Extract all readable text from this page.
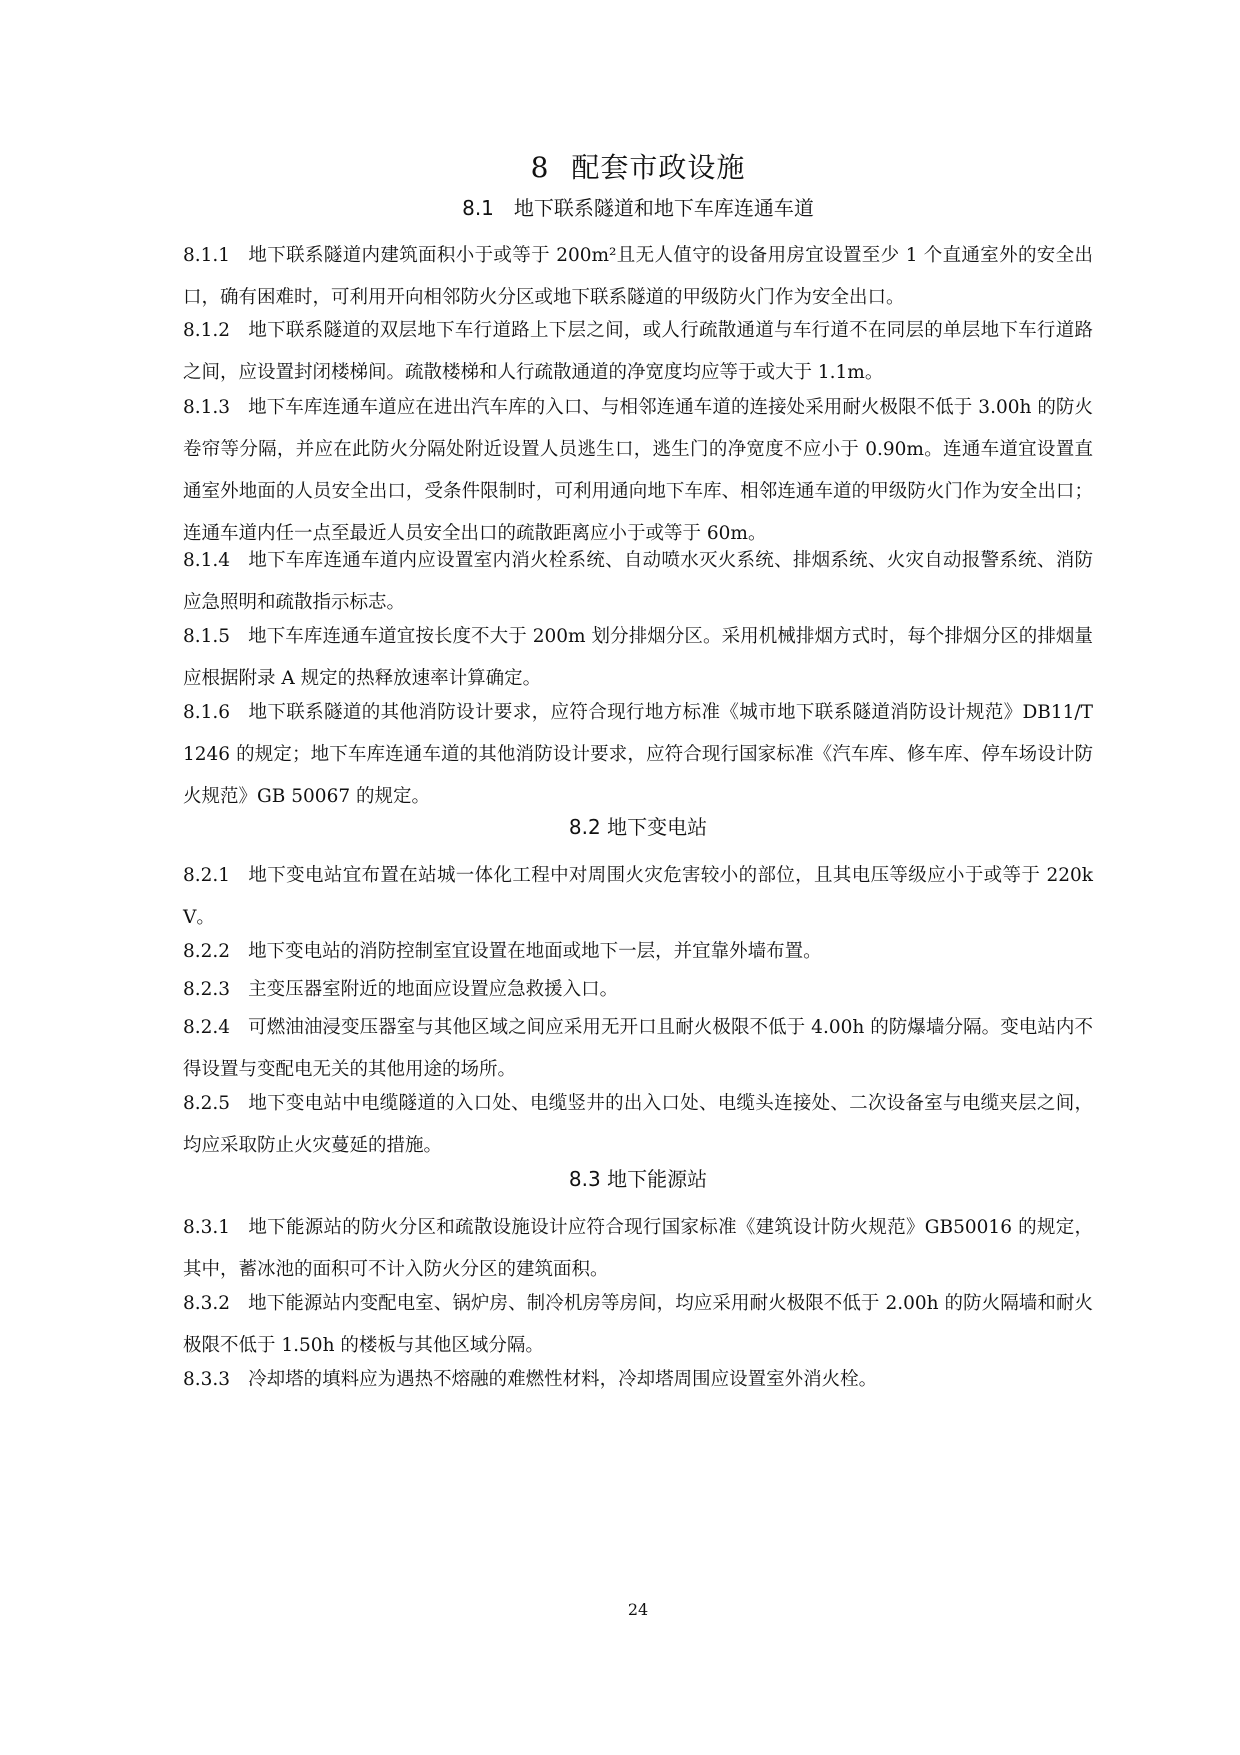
8 配套市政设施
8.1　地下联系隧道和地下车库连通车道
8.1.1 地下联系隧道内建筑面积小于或等于 200m²且无人值守的设备用房宜设置至少 1 个直通室外的安全出口，确有困难时，可利用开向相邻防火分区或地下联系隧道的甲级防火门作为安全出口。
8.1.2 地下联系隧道的双层地下车行道路上下层之间，或人行疏散通道与车行道不在同层的单层地下车行道路之间，应设置封闭楼梯间。疏散楼梯和人行疏散通道的净宽度均应等于或大于 1.1m。
8.1.3 地下车库连通车道应在进出汽车库的入口、与相邻连通车道的连接处采用耐火极限不低于 3.00h 的防火卷帘等分隔，并应在此防火分隔处附近设置人员逃生口，逃生门的净宽度不应小于 0.90m。连通车道宜设置直通室外地面的人员安全出口，受条件限制时，可利用通向地下车库、相邻连通车道的甲级防火门作为安全出口；连通车道内任一点至最近人员安全出口的疏散距离应小于或等于 60m。
8.1.4 地下车库连通车道内应设置室内消火栓系统、自动喷水灭火系统、排烟系统、火灾自动报警系统、消防应急照明和疏散指示标志。
8.1.5 地下车库连通车道宜按长度不大于 200m 划分排烟分区。采用机械排烟方式时，每个排烟分区的排烟量应根据附录 A 规定的热释放速率计算确定。
8.1.6 地下联系隧道的其他消防设计要求，应符合现行地方标准《城市地下联系隧道消防设计规范》DB11/T 1246 的规定；地下车库连通车道的其他消防设计要求，应符合现行国家标准《汽车库、修车库、停车场设计防火规范》GB 50067 的规定。
8.2 地下变电站
8.2.1 地下变电站宜布置在站城一体化工程中对周围火灾危害较小的部位，且其电压等级应小于或等于 220kV。
8.2.2 地下变电站的消防控制室宜设置在地面或地下一层，并宜靠外墙布置。
8.2.3 主变压器室附近的地面应设置应急救援入口。
8.2.4 可燃油油浸变压器室与其他区域之间应采用无开口且耐火极限不低于 4.00h 的防爆墙分隔。变电站内不得设置与变配电无关的其他用途的场所。
8.2.5 地下变电站中电缆隧道的入口处、电缆竖井的出入口处、电缆头连接处、二次设备室与电缆夹层之间，均应采取防止火灾蔓延的措施。
8.3 地下能源站
8.3.1 地下能源站的防火分区和疏散设施设计应符合现行国家标准《建筑设计防火规范》GB50016 的规定，其中，蓄冰池的面积可不计入防火分区的建筑面积。
8.3.2 地下能源站内变配电室、锅炉房、制冷机房等房间，均应采用耐火极限不低于 2.00h 的防火隔墙和耐火极限不低于 1.50h 的楼板与其他区域分隔。
8.3.3 冷却塔的填料应为遇热不熔融的难燃性材料，冷却塔周围应设置室外消火栓。
24
